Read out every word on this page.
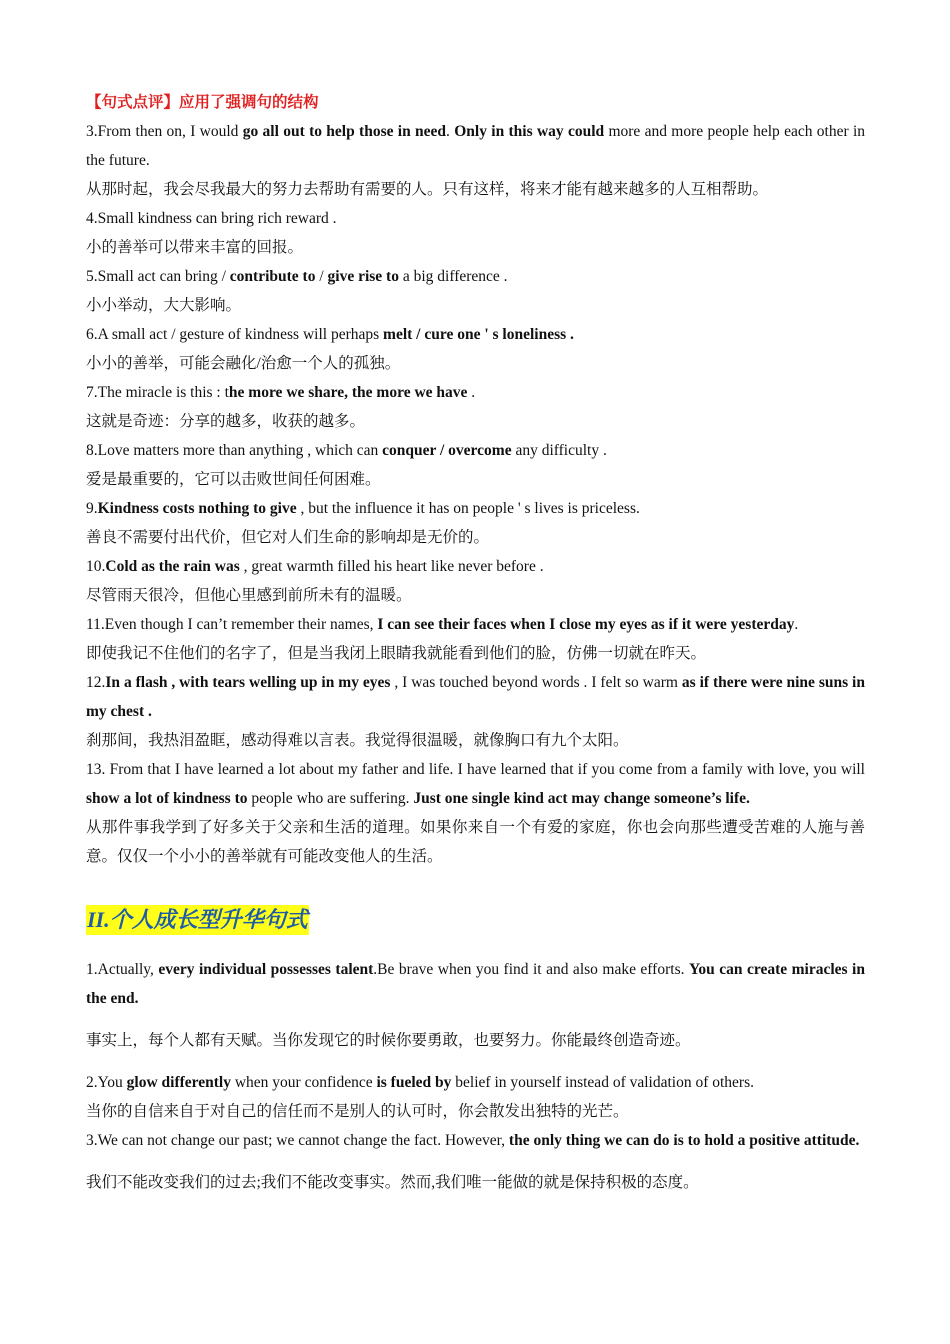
【句式点评】应用了强调句的结构

3.From then on, I would go all out to help those in need. Only in this way could more and more people help each other in the future.

从那时起，我会尽我最大的努力去帮助有需要的人。只有这样，将来才能有越来越多的人互相帮助。

4.Small kindness can bring rich reward .

小的善举可以带来丰富的回报。

5.Small act can bring / contribute to / give rise to a big difference .

小小举动，大大影响。

6.A small act / gesture of kindness will perhaps melt / cure one ' s loneliness .

小小的善举，可能会融化/治愈一个人的孤独。

7.The miracle is this : the more we share, the more we have .

这就是奇迹：分享的越多，收获的越多。

8.Love matters more than anything , which can conquer / overcome any difficulty .

爱是最重要的，它可以击败世间任何困难。

9.Kindness costs nothing to give , but the influence it has on people ' s lives is priceless.

善良不需要付出代价，但它对人们生命的影响却是无价的。

10.Cold as the rain was , great warmth filled his heart like never before .

尽管雨天很冷，但他心里感到前所未有的温暖。

11.Even though I can’t remember their names, I can see their faces when I close my eyes as if it were yesterday.

即使我记不住他们的名字了，但是当我闭上眼睛我就能看到他们的脸，仿佛一切就在昨天。

12.In a flash , with tears welling up in my eyes , I was touched beyond words . I felt so warm as if there were nine suns in my chest .

刹那间，我热泪盈眶，感动得难以言表。我觉得很温暖，就像胸口有九个太阳。

13. From that I have learned a lot about my father and life. I have learned that if you come from a family with love, you will show a lot of kindness to people who are suffering. Just one single kind act may change someone’s life.

从那件事我学到了好多关于父亲和生活的道理。如果你来自一个有爱的家庭，你也会向那些遭受苦难的人施与善意。仅仅一个小小的善举就有可能改变他人的生活。

II.个人成长型升华句式

1.Actually, every individual possesses talent.Be brave when you find it and also make efforts. You can create miracles in the end.

事实上，每个人都有天赋。当你发现它的时候你要勇敢，也要努力。你能最终创造奇迹。

2.You glow differently when your confidence is fueled by belief in yourself instead of validation of others.

当你的自信来自于对自己的信任而不是别人的认可时，你会散发出独特的光芒。

3.We can not change our past; we cannot change the fact. However, the only thing we can do is to hold a positive attitude.

我们不能改变我们的过去;我们不能改变事实。然而,我们唯一能做的就是保持积极的态度。
